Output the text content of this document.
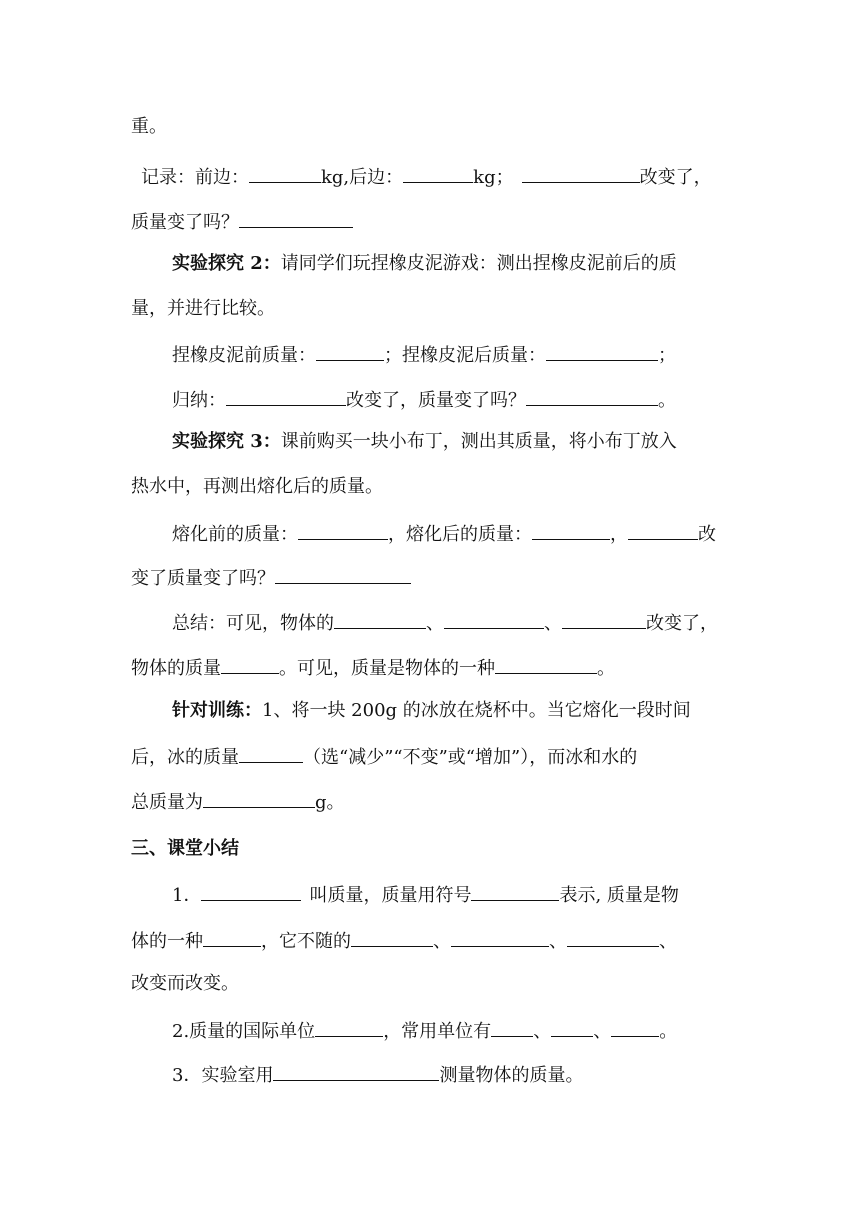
重。
记录：前边：	kg,后边：	kg；	改变了，
质量变了吗？
实验探究 2：请同学们玩捏橡皮泥游戏：测出捏橡皮泥前后的质
量，并进行比较。
捏橡皮泥前质量：	；捏橡皮泥后质量：	；
归纳：	改变了，质量变了吗？	。
实验探究 3：课前购买一块小布丁，测出其质量，将小布丁放入
热水中，再测出熔化后的质量。
熔化前的质量：	，熔化后的质量：	，	改
变了质量变了吗？
总结：可见，物体的	、	、	改变了，
物体的质量	。可见，质量是物体的一种	。
针对训练：1、将一块 200g 的冰放在烧杯中。当它熔化一段时间
后，冰的质量	（选“减少”“不变”或“增加”），而冰和水的
总质量为	g。
三、课堂小结
1．	叫质量，质量用符号	表示, 质量是物
体的一种	，它不随的	、	、	、
改变而改变。
2.质量的国际单位	，常用单位有 、 、	。
3．实验室用	测量物体的质量。
